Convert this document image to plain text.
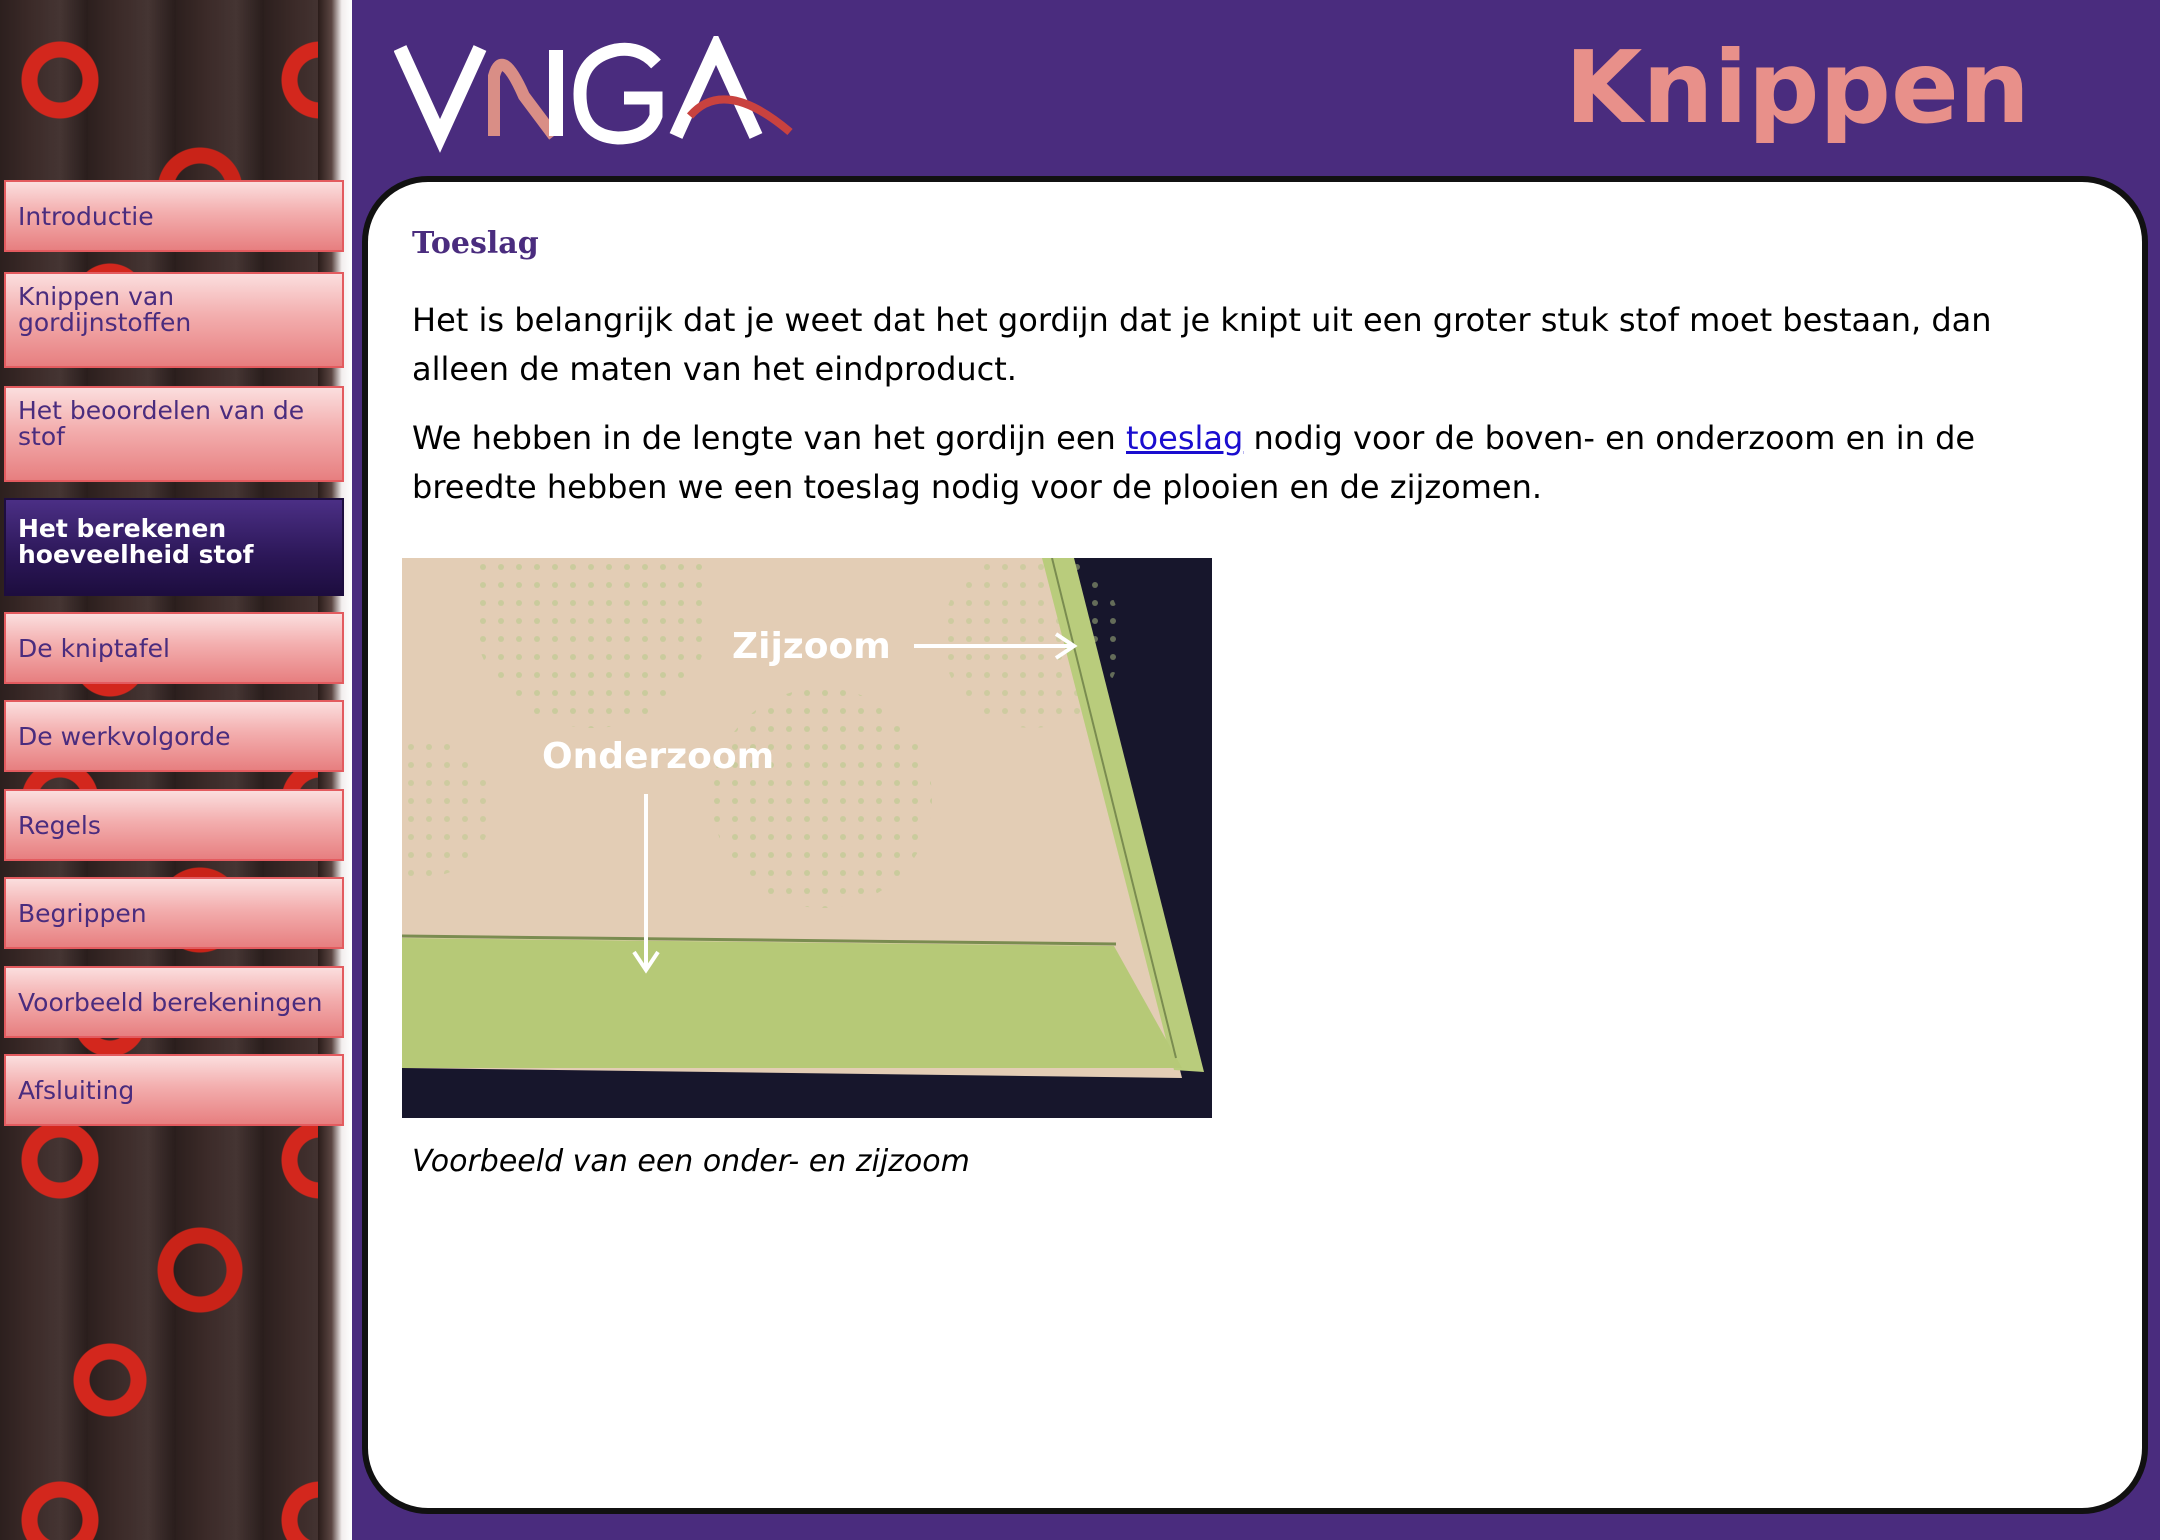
Knippen
Introductie
Knippen van gordijnstoffen
Het beoordelen van de stof
Het berekenen hoeveelheid stof
De kniptafel
De werkvolgorde
Regels
Begrippen
Voorbeeld berekeningen
Afsluiting
Toeslag
Het is belangrijk dat je weet dat het gordijn dat je knipt uit een groter stuk stof moet bestaan, dan alleen de maten van het eindproduct.
We hebben in de lengte van het gordijn een toeslag nodig voor de boven- en onderzoom en in de breedte hebben we een toeslag nodig voor de plooien en de zijzomen.
Zijzoom
Onderzoom
Voorbeeld van een onder- en zijzoom
